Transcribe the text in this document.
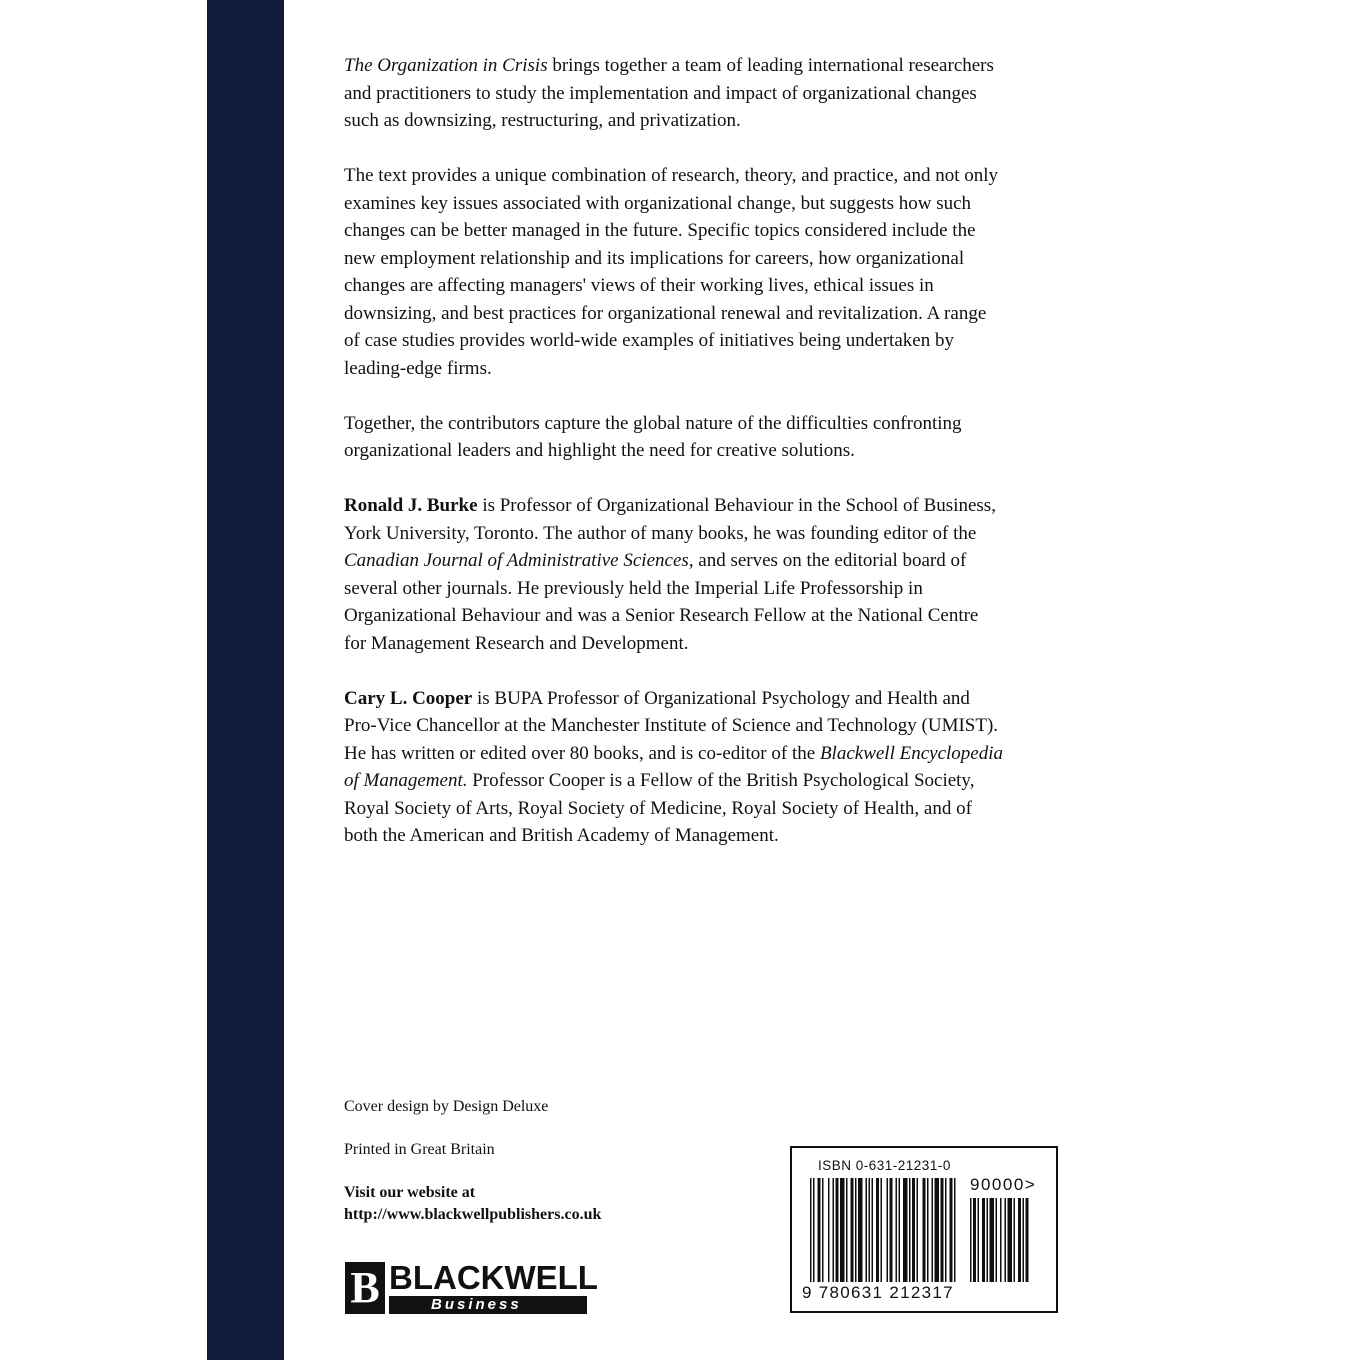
The Organization in Crisis brings together a team of leading international researchers and practitioners to study the implementation and impact of organizational changes such as downsizing, restructuring, and privatization.

The text provides a unique combination of research, theory, and practice, and not only examines key issues associated with organizational change, but suggests how such changes can be better managed in the future. Specific topics considered include the new employment relationship and its implications for careers, how organizational changes are affecting managers' views of their working lives, ethical issues in downsizing, and best practices for organizational renewal and revitalization. A range of case studies provides world-wide examples of initiatives being undertaken by leading-edge firms.

Together, the contributors capture the global nature of the difficulties confronting organizational leaders and highlight the need for creative solutions.

Ronald J. Burke is Professor of Organizational Behaviour in the School of Business, York University, Toronto. The author of many books, he was founding editor of the Canadian Journal of Administrative Sciences, and serves on the editorial board of several other journals. He previously held the Imperial Life Professorship in Organizational Behaviour and was a Senior Research Fellow at the National Centre for Management Research and Development.

Cary L. Cooper is BUPA Professor of Organizational Psychology and Health and Pro-Vice Chancellor at the Manchester Institute of Science and Technology (UMIST). He has written or edited over 80 books, and is co-editor of the Blackwell Encyclopedia of Management. Professor Cooper is a Fellow of the British Psychological Society, Royal Society of Arts, Royal Society of Medicine, Royal Society of Health, and of both the American and British Academy of Management.

Cover design by Design Deluxe
Printed in Great Britain
Visit our website at
http://www.blackwellpublishers.co.uk
B BLACKWELL
Business
ISBN 0-631-21231-0
90000>
9 780631 212317
